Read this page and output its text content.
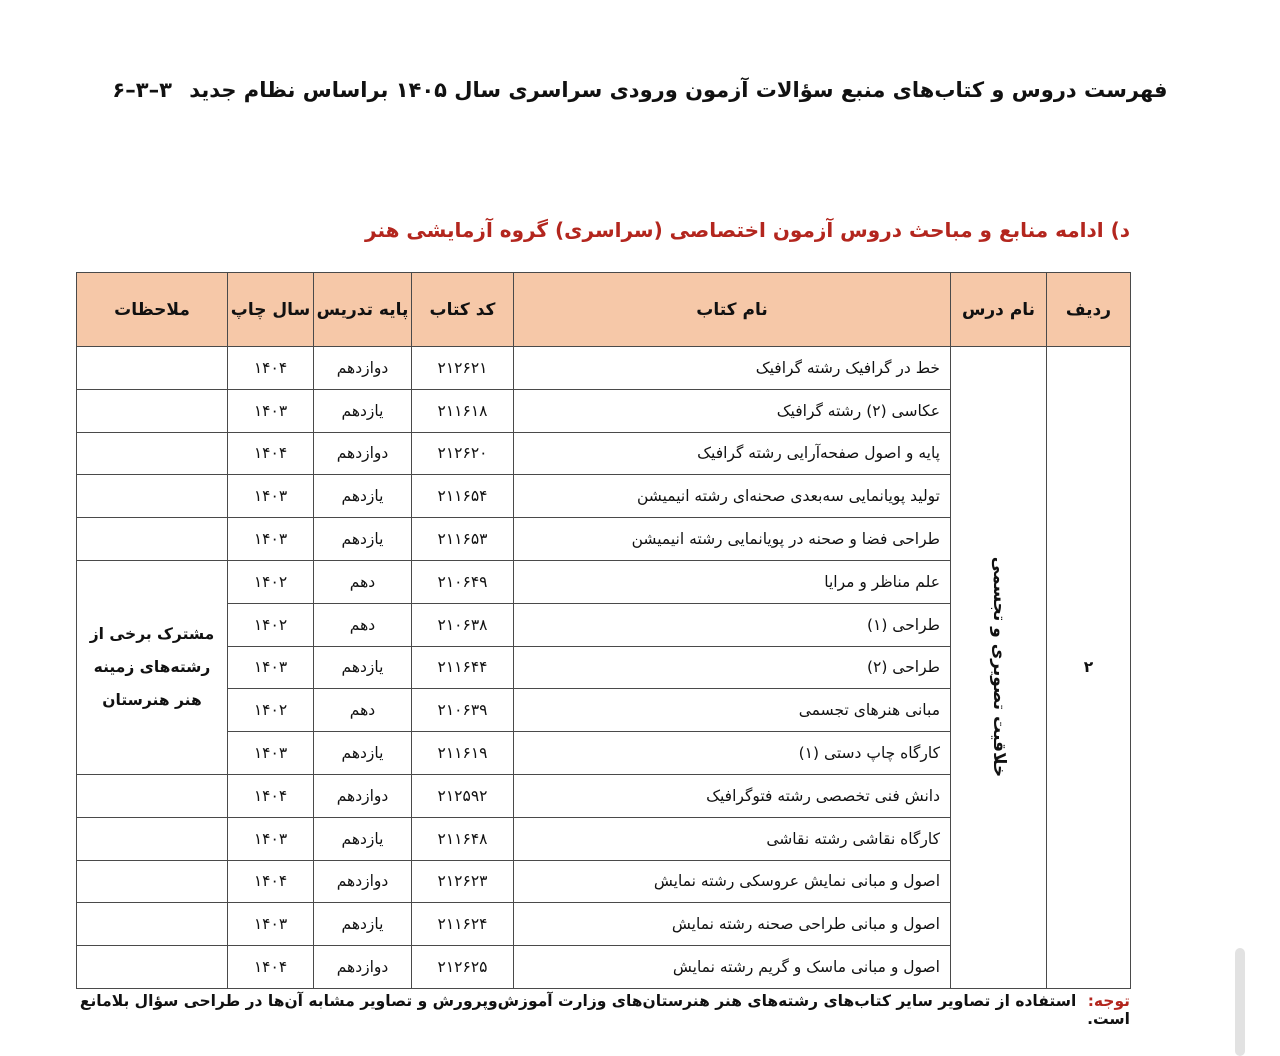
فهرست دروس و کتاب‌های منبع سؤالات آزمون ورودی سراسری سال ۱۴۰۵ براساس نظام جدید ۳–۳–۶
د) ادامه منابع و مباحث دروس آزمون اختصاصی (سراسری) گروه آزمایشی هنر
ردیف	نام درس	نام کتاب	کد کتاب	پایه تدریس	سال چاپ	ملاحظات
۲	خلاقیت تصویری و تجسمی	خط در گرافیک رشته گرافیک	۲۱۲۶۲۱	دوازدهم	۱۴۰۴	
		عکاسی (۲) رشته گرافیک	۲۱۱۶۱۸	یازدهم	۱۴۰۳	
		پایه و اصول صفحه‌آرایی رشته گرافیک	۲۱۲۶۲۰	دوازدهم	۱۴۰۴	
		تولید پویانمایی سه‌بعدی صحنه‌ای رشته انیمیشن	۲۱۱۶۵۴	یازدهم	۱۴۰۳	
		طراحی فضا و صحنه در پویانمایی رشته انیمیشن	۲۱۱۶۵۳	یازدهم	۱۴۰۳	
		علم مناظر و مرایا	۲۱۰۶۴۹	دهم	۱۴۰۲	مشترک برخی از رشته‌های زمینه هنر هنرستان
		طراحی (۱)	۲۱۰۶۳۸	دهم	۱۴۰۲	
		طراحی (۲)	۲۱۱۶۴۴	یازدهم	۱۴۰۳	
		مبانی هنرهای تجسمی	۲۱۰۶۳۹	دهم	۱۴۰۲	
		کارگاه چاپ دستی (۱)	۲۱۱۶۱۹	یازدهم	۱۴۰۳	
		دانش فنی تخصصی رشته فتوگرافیک	۲۱۲۵۹۲	دوازدهم	۱۴۰۴	
		کارگاه نقاشی رشته نقاشی	۲۱۱۶۴۸	یازدهم	۱۴۰۳	
		اصول و مبانی نمایش عروسکی رشته نمایش	۲۱۲۶۲۳	دوازدهم	۱۴۰۴	
		اصول و مبانی طراحی صحنه رشته نمایش	۲۱۱۶۲۴	یازدهم	۱۴۰۳	
		اصول و مبانی ماسک و گریم رشته نمایش	۲۱۲۶۲۵	دوازدهم	۱۴۰۴	

توجه: استفاده از تصاویر سایر کتاب‌های رشته‌های هنر هنرستان‌های وزارت آموزش‌وپرورش و تصاویر مشابه آن‌ها در طراحی سؤال بلامانع است.
